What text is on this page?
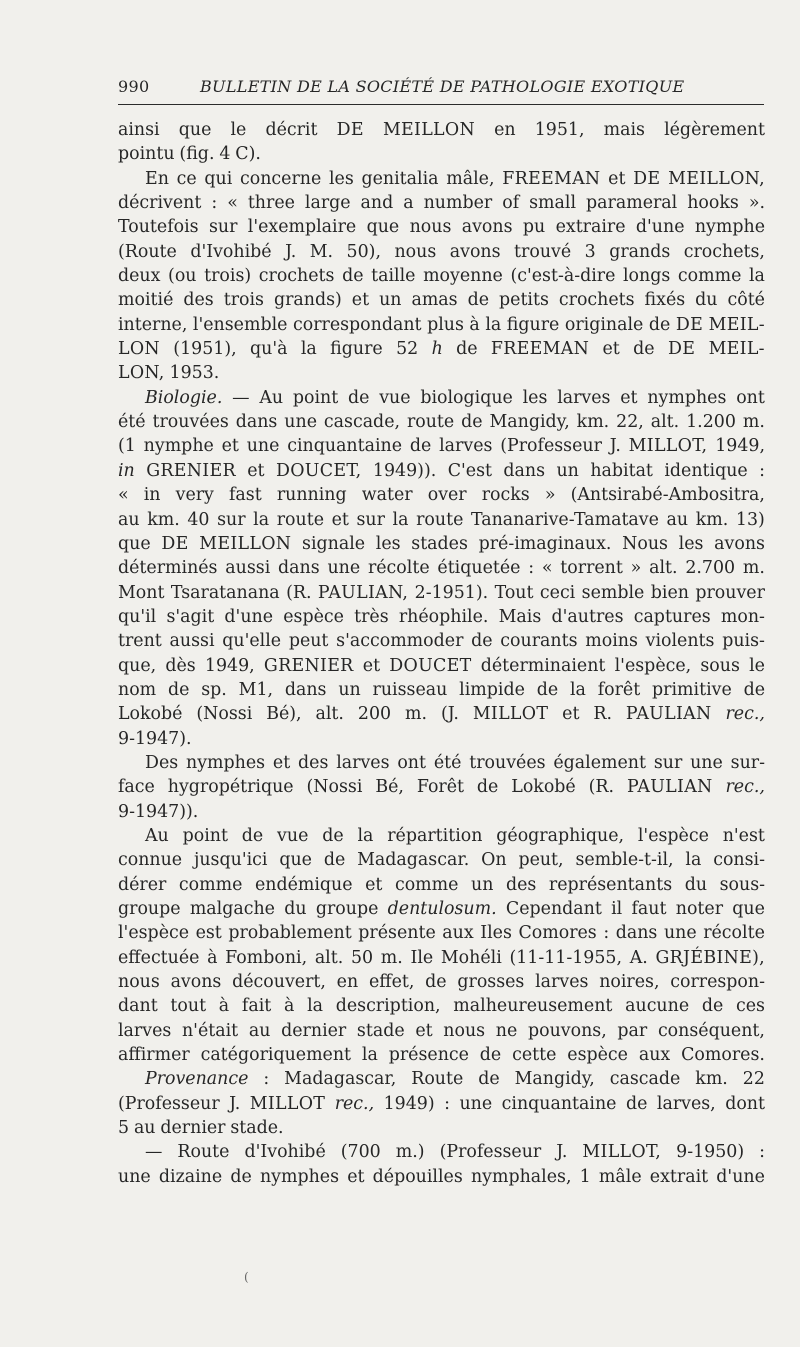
990	BULLETIN DE LA SOCIÉTÉ DE PATHOLOGIE EXOTIQUE
ainsi que le décrit DE MEILLON en 1951, mais légèrement
pointu (fig. 4 C).
En ce qui concerne les genitalia mâle, FREEMAN et DE MEILLON,
décrivent : « three large and a number of small parameral hooks ».
Toutefois sur l'exemplaire que nous avons pu extraire d'une nymphe
(Route d'Ivohibé J. M. 50), nous avons trouvé 3 grands crochets,
deux (ou trois) crochets de taille moyenne (c'est-à-dire longs comme la
moitié des trois grands) et un amas de petits crochets fixés du côté
interne, l'ensemble correspondant plus à la figure originale de DE MEIL-
LON (1951), qu'à la figure 52 h de FREEMAN et de DE MEIL-
LON, 1953.
Biologie. — Au point de vue biologique les larves et nymphes ont
été trouvées dans une cascade, route de Mangidy, km. 22, alt. 1.200 m.
(1 nymphe et une cinquantaine de larves (Professeur J. MILLOT, 1949,
in GRENIER et DOUCET, 1949)). C'est dans un habitat identique :
« in very fast running water over rocks » (Antsirabé-Ambositra,
au km. 40 sur la route et sur la route Tananarive-Tamatave au km. 13)
que DE MEILLON signale les stades pré-imaginaux. Nous les avons
déterminés aussi dans une récolte étiquetée : « torrent » alt. 2.700 m.
Mont Tsaratanana (R. PAULIAN, 2-1951). Tout ceci semble bien prouver
qu'il s'agit d'une espèce très rhéophile. Mais d'autres captures mon-
trent aussi qu'elle peut s'accommoder de courants moins violents puis-
que, dès 1949, GRENIER et DOUCET déterminaient l'espèce, sous le
nom de sp. M1, dans un ruisseau limpide de la forêt primitive de
Lokobé (Nossi Bé), alt. 200 m. (J. MILLOT et R. PAULIAN rec.,
9-1947).
Des nymphes et des larves ont été trouvées également sur une sur-
face hygropétrique (Nossi Bé, Forêt de Lokobé (R. PAULIAN rec.,
9-1947)).
Au point de vue de la répartition géographique, l'espèce n'est
connue jusqu'ici que de Madagascar. On peut, semble-t-il, la consi-
dérer comme endémique et comme un des représentants du sous-
groupe malgache du groupe dentulosum. Cependant il faut noter que
l'espèce est probablement présente aux Iles Comores : dans une récolte
effectuée à Fomboni, alt. 50 m. Ile Mohéli (11-11-1955, A. GRJÉBINE),
nous avons découvert, en effet, de grosses larves noires, correspon-
dant tout à fait à la description, malheureusement aucune de ces
larves n'était au dernier stade et nous ne pouvons, par conséquent,
affirmer catégoriquement la présence de cette espèce aux Comores.
Provenance : Madagascar, Route de Mangidy, cascade km. 22
(Professeur J. MILLOT rec., 1949) : une cinquantaine de larves, dont
5 au dernier stade.
— Route d'Ivohibé (700 m.) (Professeur J. MILLOT, 9-1950) :
une dizaine de nymphes et dépouilles nymphales, 1 mâle extrait d'une
(
